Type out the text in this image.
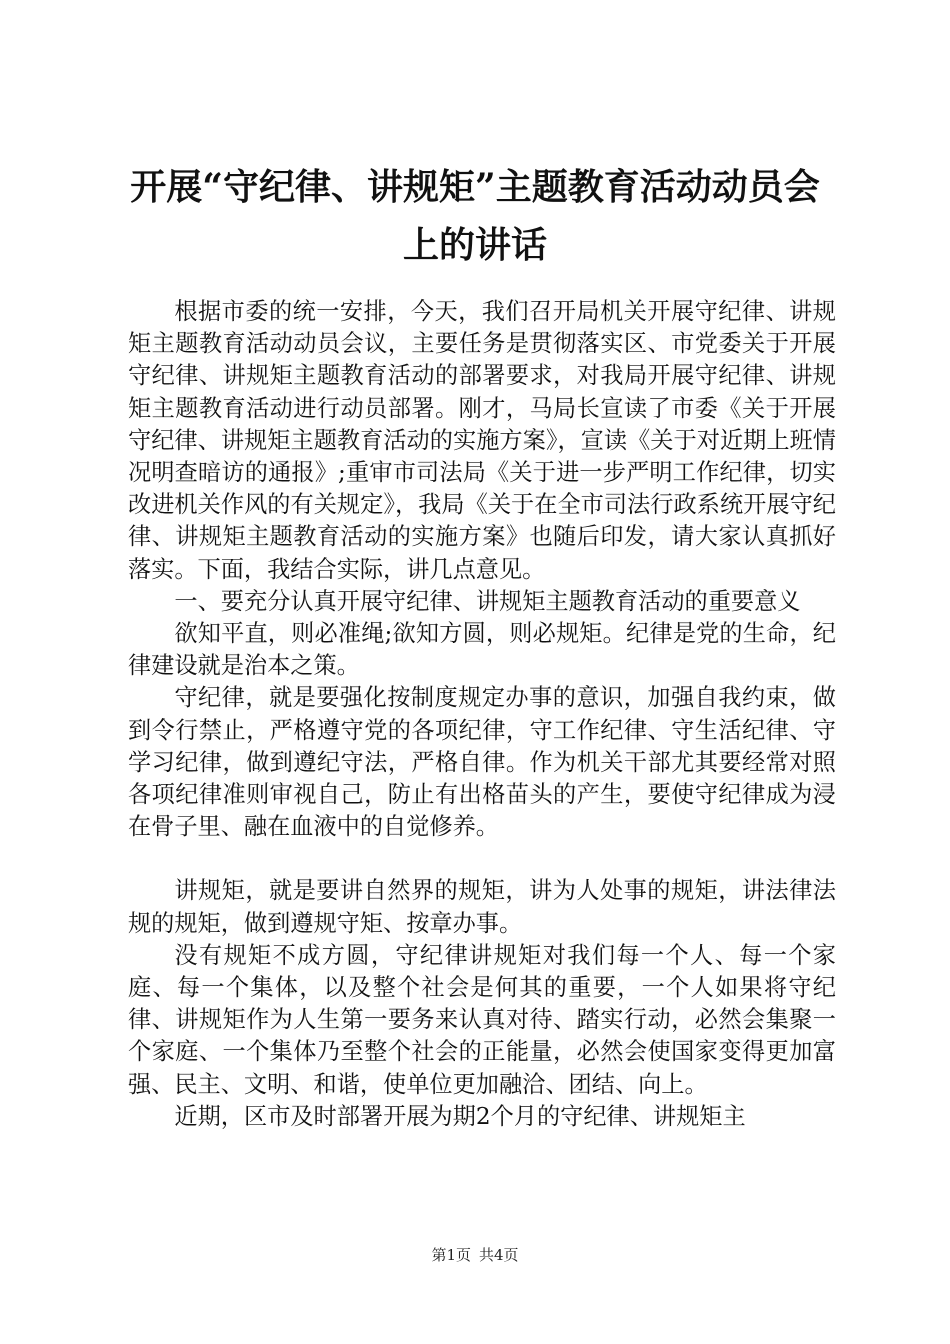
开展“守纪律、讲规矩”主题教育活动动员会
上的讲话

根据市委的统一安排，今天，我们召开局机关开展守纪律、讲规矩主题教育活动动员会议，主要任务是贯彻落实区、市党委关于开展守纪律、讲规矩主题教育活动的部署要求，对我局开展守纪律、讲规矩主题教育活动进行动员部署。刚才，马局长宣读了市委《关于开展守纪律、讲规矩主题教育活动的实施方案》，宣读《关于对近期上班情况明查暗访的通报》;重审市司法局《关于进一步严明工作纪律，切实改进机关作风的有关规定》，我局《关于在全市司法行政系统开展守纪律、讲规矩主题教育活动的实施方案》也随后印发，请大家认真抓好落实。下面，我结合实际，讲几点意见。

一、要充分认真开展守纪律、讲规矩主题教育活动的重要意义

欲知平直，则必准绳;欲知方圆，则必规矩。纪律是党的生命，纪律建设就是治本之策。

守纪律，就是要强化按制度规定办事的意识，加强自我约束，做到令行禁止，严格遵守党的各项纪律，守工作纪律、守生活纪律、守学习纪律，做到遵纪守法，严格自律。作为机关干部尤其要经常对照各项纪律准则审视自己，防止有出格苗头的产生，要使守纪律成为浸在骨子里、融在血液中的自觉修养。

讲规矩，就是要讲自然界的规矩，讲为人处事的规矩，讲法律法规的规矩，做到遵规守矩、按章办事。

没有规矩不成方圆，守纪律讲规矩对我们每一个人、每一个家庭、每一个集体，以及整个社会是何其的重要，一个人如果将守纪律、讲规矩作为人生第一要务来认真对待、踏实行动，必然会集聚一个家庭、一个集体乃至整个社会的正能量，必然会使国家变得更加富强、民主、文明、和谐，使单位更加融洽、团结、向上。

近期，区市及时部署开展为期2个月的守纪律、讲规矩主

第1页 共4页
